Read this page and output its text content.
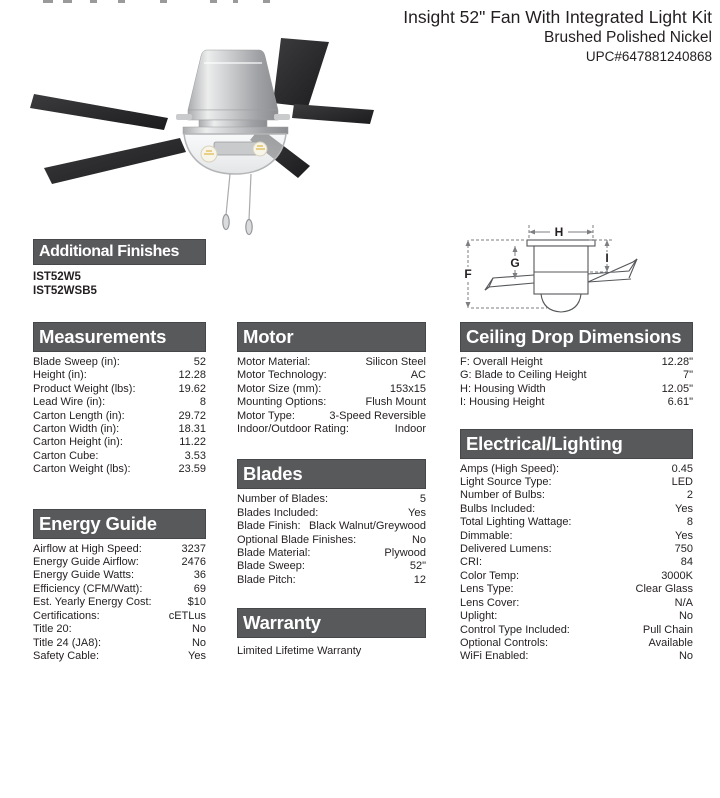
Insight 52" Fan With Integrated Light Kit
Brushed Polished Nickel
UPC#647881240868
Additional Finishes
IST52W5
IST52WSB5
H
F
G	I
Measurements
Blade Sweep (in):	52
Height (in):	12.28
Product Weight (lbs):	19.62
Lead Wire (in):	8
Carton Length (in):	29.72
Carton Width (in):	18.31
Carton Height (in):	11.22
Carton Cube:	3.53
Carton Weight (lbs):	23.59
Energy Guide
Airflow at High Speed:	3237
Energy Guide Airflow:	2476
Energy Guide Watts:	36
Efficiency (CFM/Watt):	69
Est. Yearly Energy Cost:	$10
Certifications:	cETLus
Title 20:	No
Title 24 (JA8):	No
Safety Cable:	Yes
Motor
Motor Material:	Silicon Steel
Motor Technology:	AC
Motor Size (mm):	153x15
Mounting Options:	Flush Mount
Motor Type:	3-Speed Reversible
Indoor/Outdoor Rating:	Indoor
Blades
Number of Blades:	5
Blades Included:	Yes
Blade Finish: Black Walnut/Greywood
Optional Blade Finishes:	No
Blade Material:	Plywood
Blade Sweep:	52"
Blade Pitch:	12
Warranty
Limited Lifetime Warranty
Ceiling Drop Dimensions
F: Overall Height	12.28"
G: Blade to Ceiling Height	7"
H: Housing Width	12.05"
I: Housing Height	6.61"
Electrical/Lighting
Amps (High Speed):	0.45
Light Source Type:	LED
Number of Bulbs:	2
Bulbs Included:	Yes
Total Lighting Wattage:	8
Dimmable:	Yes
Delivered Lumens:	750
CRI:	84
Color Temp:	3000K
Lens Type:	Clear Glass
Lens Cover:	N/A
Uplight:	No
Control Type Included:	Pull Chain
Optional Controls:	Available
WiFi Enabled:	No
